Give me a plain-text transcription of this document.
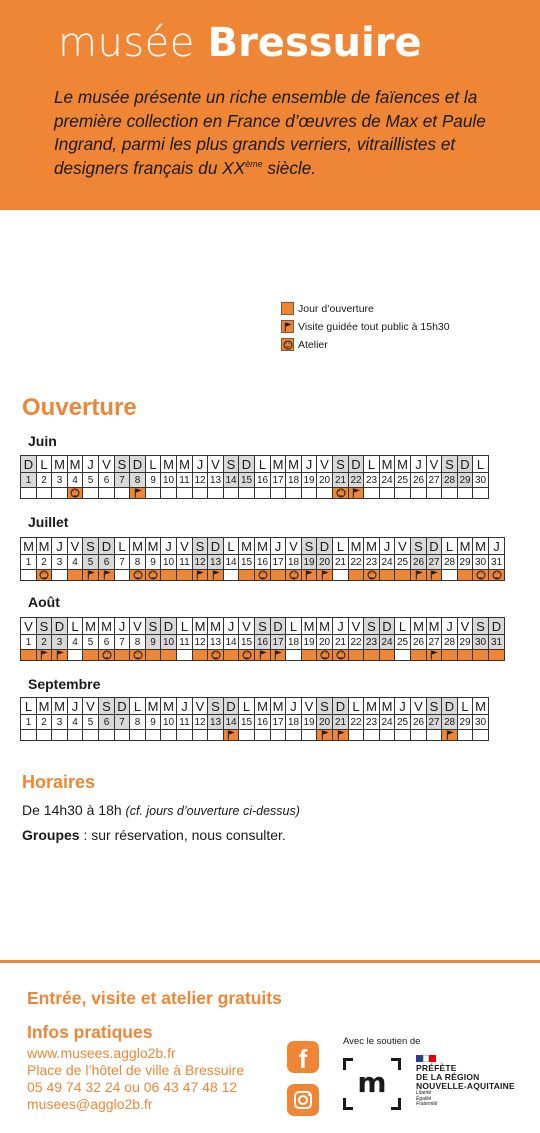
musée Bressuire
Le musée présente un riche ensemble de faïences et la première collection en France d’œuvres de Max et Paule Ingrand, parmi les plus grands verriers, vitraillistes et designers français du XXème siècle.
Jour d’ouverture
Visite guidée tout public à 15h30
Atelier
Ouverture
Juin
D
1
L
2
M
3
M
4
J
5
V
6
S
7
D
8
L
9
M
10
M
11
J
12
V
13
S
14
D
15
L
16
M
17
M
18
J
19
V
20
S
21
D
22
L
23
M
24
M
25
J
26
V
27
S
28
D
29
L
30
Juillet
M
1
M
2
J
3
V
4
S
5
D
6
L
7
M
8
M
9
J
10
V
11
S
12
D
13
L
14
M
15
M
16
J
17
V
18
S
19
D
20
L
21
M
22
M
23
J
24
V
25
S
26
D
27
L
28
M
29
M
30
J
31
Août
V
1
S
2
D
3
L
4
M
5
M
6
J
7
V
8
S
9
D
10
L
11
M
12
M
13
J
14
V
15
S
16
D
17
L
18
M
19
M
20
J
21
V
22
S
23
D
24
L
25
M
26
M
27
J
28
V
29
S
30
D
31
Septembre
L
1
M
2
M
3
J
4
V
5
S
6
D
7
L
8
M
9
M
10
J
11
V
12
S
13
D
14
L
15
M
16
M
17
J
18
V
19
S
20
D
21
L
22
M
23
M
24
J
25
V
26
S
27
D
28
L
29
M
30
Horaires
De 14h30 à 18h (cf. jours d’ouverture ci-dessus)
Groupes : sur réservation, nous consulter.
Entrée, visite et atelier gratuits
Infos pratiques
www.musees.agglo2b.fr
Place de l’hôtel de ville à Bressuire
05 49 74 32 24 ou 06 43 47 48 12
musees@agglo2b.fr
f
Avec le soutien de
m	PRÉFÈTE
DE LA RÉGION
NOUVELLE-AQUITAINE
Liberté
Égalité
Fraternité
